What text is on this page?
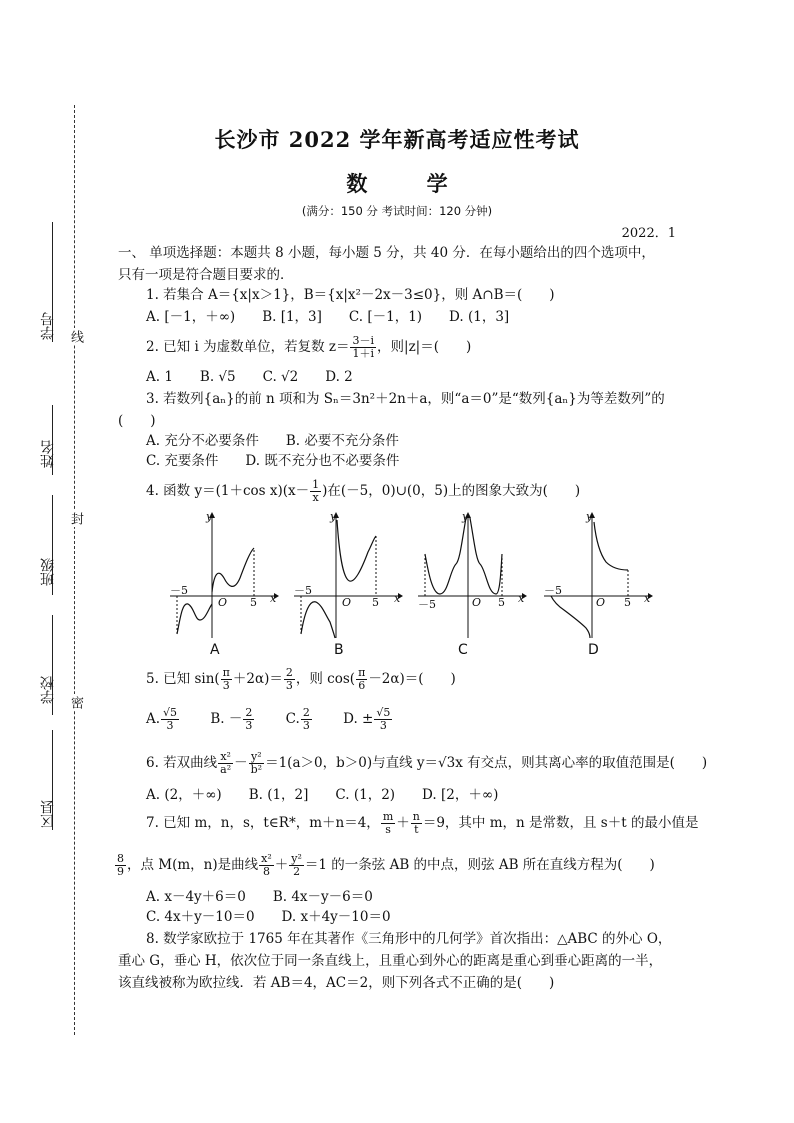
线
封
密
学号
姓名
班级
学校
区县
长沙市 2022 学年新高考适应性考试
数 学
(满分：150 分 考试时间：120 分钟)
2022．1
一、 单项选择题：本题共 8 小题，每小题 5 分，共 40 分．在每小题给出的四个选项中，
只有一项是符合题目要求的．
1. 若集合 A＝{x|x＞1}，B＝{x|x²－2x－3≤0}，则 A∩B＝(　　)
A. [－1，＋∞)　　B. [1，3]　　C. [－1，1)　　D. (1，3]
2. 已知 i 为虚数单位，若复数 $z= \frac{3-i}{1+i}$ ，则|z|＝(　　)
A. 1　　B. √5　　C. √2　　D. 2
3. 若数列{aₙ}的前 n 项和为 Sₙ＝3n²＋2n＋a，则“a＝0”是“数列{aₙ}为等差数列”的
(　　)
A. 充分不必要条件　　B. 必要不充分条件
C. 充要条件　　D. 既不充分也不必要条件
4. 函数 y＝(1＋cos $x)(x- \frac{1}{x}$ )在(－5，0)∪(0，5)上的图象大致为(　　)
y
x
O
－5
5
y
x
O
－5
5
y
x
O
－5	5
y
x
O
－5
5
A	B	C	D
5. 已知 $\sin( \frac{\pi}{3} +2\alpha)= \frac{2}{3}$ ，则 $\cos( \frac{\pi}{6} -2\alpha)=$(　　)
A. $\frac{√5}{3} B$. － $\frac{2}{3} C$. $\frac{2}{3} D$. ± $\frac{√5}{3}$
6. 若双曲线 $\frac{\text{x²}}{\text{a²}} - \frac{\text{y²}}{\text{b²}} =1(a>0$，b＞0)与直线 y＝√3x 有交点，则其离心率的取值范围是(　　)
A. (2，＋∞)　　B. (1，2]　　C. (1，2)　　D. [2，＋∞)
7. 已知 m，n，s，t∈R*，m＋n＝4， $\frac{m}{s} + \frac{n}{t} =9$，其中 m，n 是常数，且 s＋t 的最小值是
$\frac{8}{9}$ ，点 M(m，n)是曲线 $\frac{\text{x²}}{8} + \frac{\text{y²}}{2} =1$ 的一条弦 AB 的中点，则弦 AB 所在直线方程为(　　)
A. x－4y＋6＝0　　B. 4x－y－6＝0
C. 4x＋y－10＝0　　D. x＋4y－10＝0
8. 数学家欧拉于 1765 年在其著作《三角形中的几何学》首次指出：△ABC 的外心 O，
重心 G，垂心 H，依次位于同一条直线上，且重心到外心的距离是重心到垂心距离的一半，
该直线被称为欧拉线．若 AB＝4，AC＝2，则下列各式不正确的是(　　)
